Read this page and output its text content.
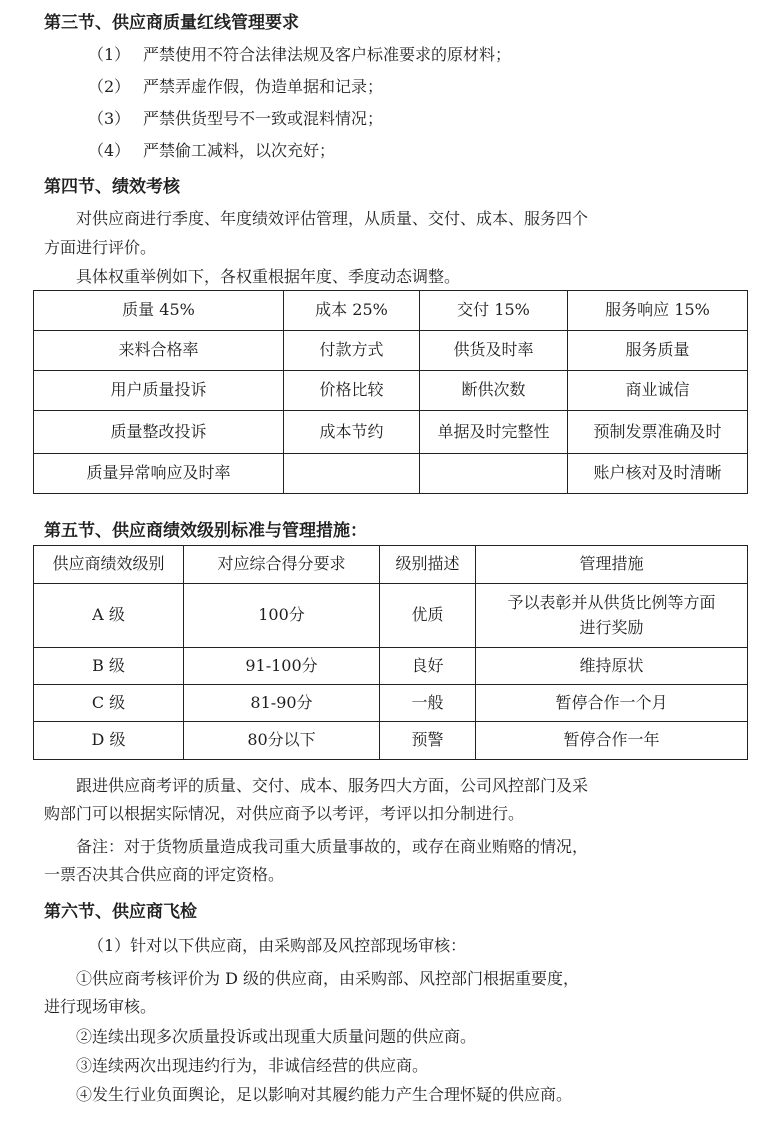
第三节、供应商质量红线管理要求
（1） 严禁使用不符合法律法规及客户标准要求的原材料；
（2） 严禁弄虚作假，伪造单据和记录；
（3） 严禁供货型号不一致或混料情况；
（4） 严禁偷工减料，以次充好；
第四节、绩效考核
对供应商进行季度、年度绩效评估管理，从质量、交付、成本、服务四个
方面进行评价。
具体权重举例如下，各权重根据年度、季度动态调整。
质量 45%	成本 25%	交付 15%	服务响应 15%
来料合格率	付款方式	供货及时率	服务质量
用户质量投诉	价格比较	断供次数	商业诚信
质量整改投诉	成本节约	单据及时完整性	预制发票准确及时
质量异常响应及时率			账户核对及时清晰
第五节、供应商绩效级别标准与管理措施：
供应商绩效级别	对应综合得分要求	级别描述	管理措施
A 级	100分	优质	予以表彰并从供货比例等方面
进行奖励

B 级	91-100分	良好	维持原状
C 级	81-90分	一般	暂停合作一个月
D 级	80分以下	预警	暂停合作一年
跟进供应商考评的质量、交付、成本、服务四大方面，公司风控部门及采
购部门可以根据实际情况，对供应商予以考评，考评以扣分制进行。
备注：对于货物质量造成我司重大质量事故的，或存在商业贿赂的情况，
一票否决其合供应商的评定资格。
第六节、供应商飞检
（1）针对以下供应商，由采购部及风控部现场审核：
①供应商考核评价为 D 级的供应商，由采购部、风控部门根据重要度，
进行现场审核。
②连续出现多次质量投诉或出现重大质量问题的供应商。
③连续两次出现违约行为，非诚信经营的供应商。
④发生行业负面舆论，足以影响对其履约能力产生合理怀疑的供应商。
